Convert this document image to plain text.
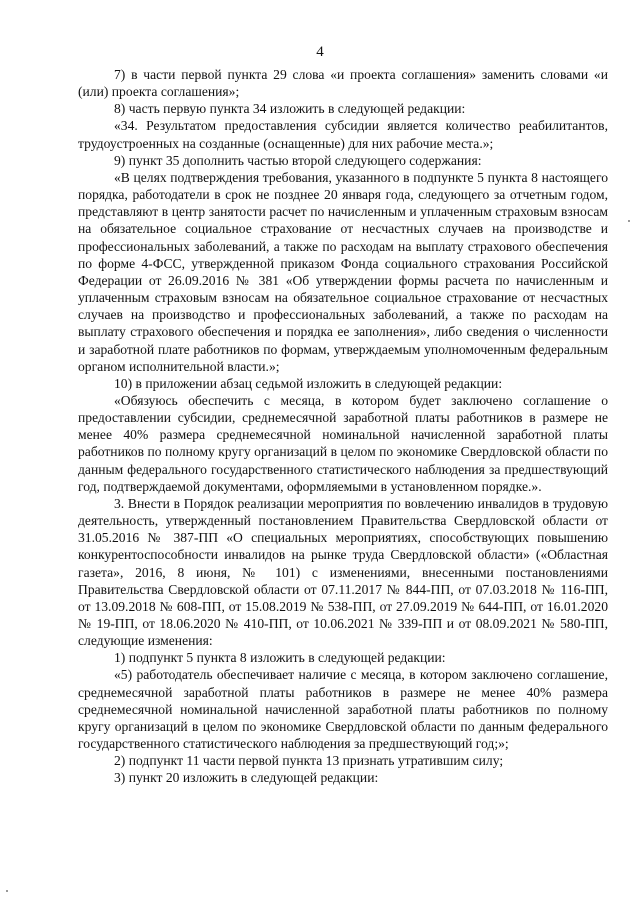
4

7) в части первой пункта 29 слова «и проекта соглашения» заменить словами «и (или) проекта соглашения»;

8) часть первую пункта 34 изложить в следующей редакции:

«34. Результатом предоставления субсидии является количество реабилитантов, трудоустроенных на созданные (оснащенные) для них рабочие места.»;

9) пункт 35 дополнить частью второй следующего содержания:

«В целях подтверждения требования, указанного в подпункте 5 пункта 8 настоящего порядка, работодатели в срок не позднее 20 января года, следующего за отчетным годом, представляют в центр занятости расчет по начисленным и уплаченным страховым взносам на обязательное социальное страхование от несчастных случаев на производстве и профессиональных заболеваний, а также по расходам на выплату страхового обеспечения по форме 4-ФСС, утвержденной приказом Фонда социального страхования Российской Федерации от 26.09.2016 № 381 «Об утверждении формы расчета по начисленным и уплаченным страховым взносам на обязательное социальное страхование от несчастных случаев на производство и профессиональных заболеваний, а также по расходам на выплату страхового обеспечения и порядка ее заполнения», либо сведения о численности и заработной плате работников по формам, утверждаемым уполномоченным федеральным органом исполнительной власти.»;

10) в приложении абзац седьмой изложить в следующей редакции:

«Обязуюсь обеспечить с месяца, в котором будет заключено соглашение о предоставлении субсидии, среднемесячной заработной платы работников в размере не менее 40% размера среднемесячной номинальной начисленной заработной платы работников по полному кругу организаций в целом по экономике Свердловской области по данным федерального государственного статистического наблюдения за предшествующий год, подтверждаемой документами, оформляемыми в установленном порядке.».

3. Внести в Порядок реализации мероприятия по вовлечению инвалидов в трудовую деятельность, утвержденный постановлением Правительства Свердловской области от 31.05.2016 № 387-ПП «О специальных мероприятиях, способствующих повышению конкурентоспособности инвалидов на рынке труда Свердловской области» («Областная газета», 2016, 8 июня, № 101) с изменениями, внесенными постановлениями Правительства Свердловской области от 07.11.2017 № 844-ПП, от 07.03.2018 № 116-ПП, от 13.09.2018 № 608-ПП, от 15.08.2019 № 538-ПП, от 27.09.2019 № 644-ПП, от 16.01.2020 № 19-ПП, от 18.06.2020 № 410-ПП, от 10.06.2021 № 339-ПП и от 08.09.2021 № 580-ПП, следующие изменения:

1) подпункт 5 пункта 8 изложить в следующей редакции:

«5) работодатель обеспечивает наличие с месяца, в котором заключено соглашение, среднемесячной заработной платы работников в размере не менее 40% размера среднемесячной номинальной начисленной заработной платы работников по полному кругу организаций в целом по экономике Свердловской области по данным федерального государственного статистического наблюдения за предшествующий год;»;

2) подпункт 11 части первой пункта 13 признать утратившим силу;

3) пункт 20 изложить в следующей редакции:
